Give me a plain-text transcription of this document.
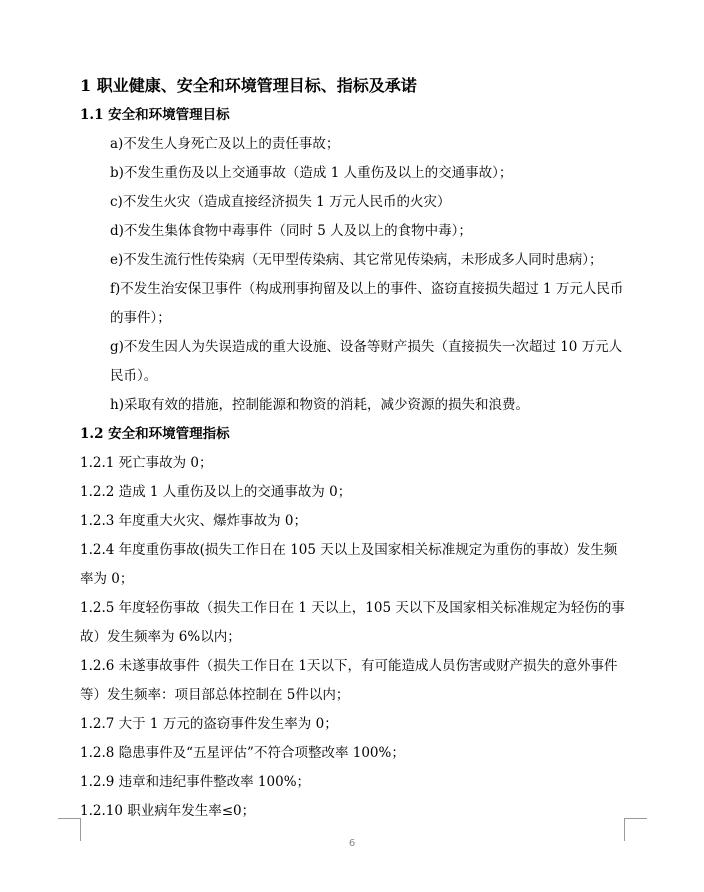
1 职业健康、安全和环境管理目标、指标及承诺
1.1 安全和环境管理目标
a)不发生人身死亡及以上的责任事故；
b)不发生重伤及以上交通事故（造成 1 人重伤及以上的交通事故）；
c)不发生火灾（造成直接经济损失 1 万元人民币的火灾）
d)不发生集体食物中毒事件（同时 5 人及以上的食物中毒）；
e)不发生流行性传染病（无甲型传染病、其它常见传染病，未形成多人同时患病）；
f)不发生治安保卫事件（构成刑事拘留及以上的事件、盗窃直接损失超过 1 万元人民币的事件）；
g)不发生因人为失误造成的重大设施、设备等财产损失（直接损失一次超过 10 万元人民币）。
h)采取有效的措施，控制能源和物资的消耗，减少资源的损失和浪费。
1.2 安全和环境管理指标
1.2.1 死亡事故为 0；
1.2.2 造成 1 人重伤及以上的交通事故为 0；
1.2.3 年度重大火灾、爆炸事故为 0；
1.2.4 年度重伤事故(损失工作日在 105 天以上及国家相关标准规定为重伤的事故）发生频率为 0；
1.2.5 年度轻伤事故（损失工作日在 1 天以上，105 天以下及国家相关标准规定为轻伤的事故）发生频率为 6%以内；
1.2.6 未遂事故事件（损失工作日在 1天以下，有可能造成人员伤害或财产损失的意外事件等）发生频率：项目部总体控制在 5件以内；
1.2.7 大于 1 万元的盗窃事件发生率为 0；
1.2.8 隐患事件及“五星评估”不符合项整改率 100%；
1.2.9 违章和违纪事件整改率 100%；
1.2.10 职业病年发生率≤0；
6
